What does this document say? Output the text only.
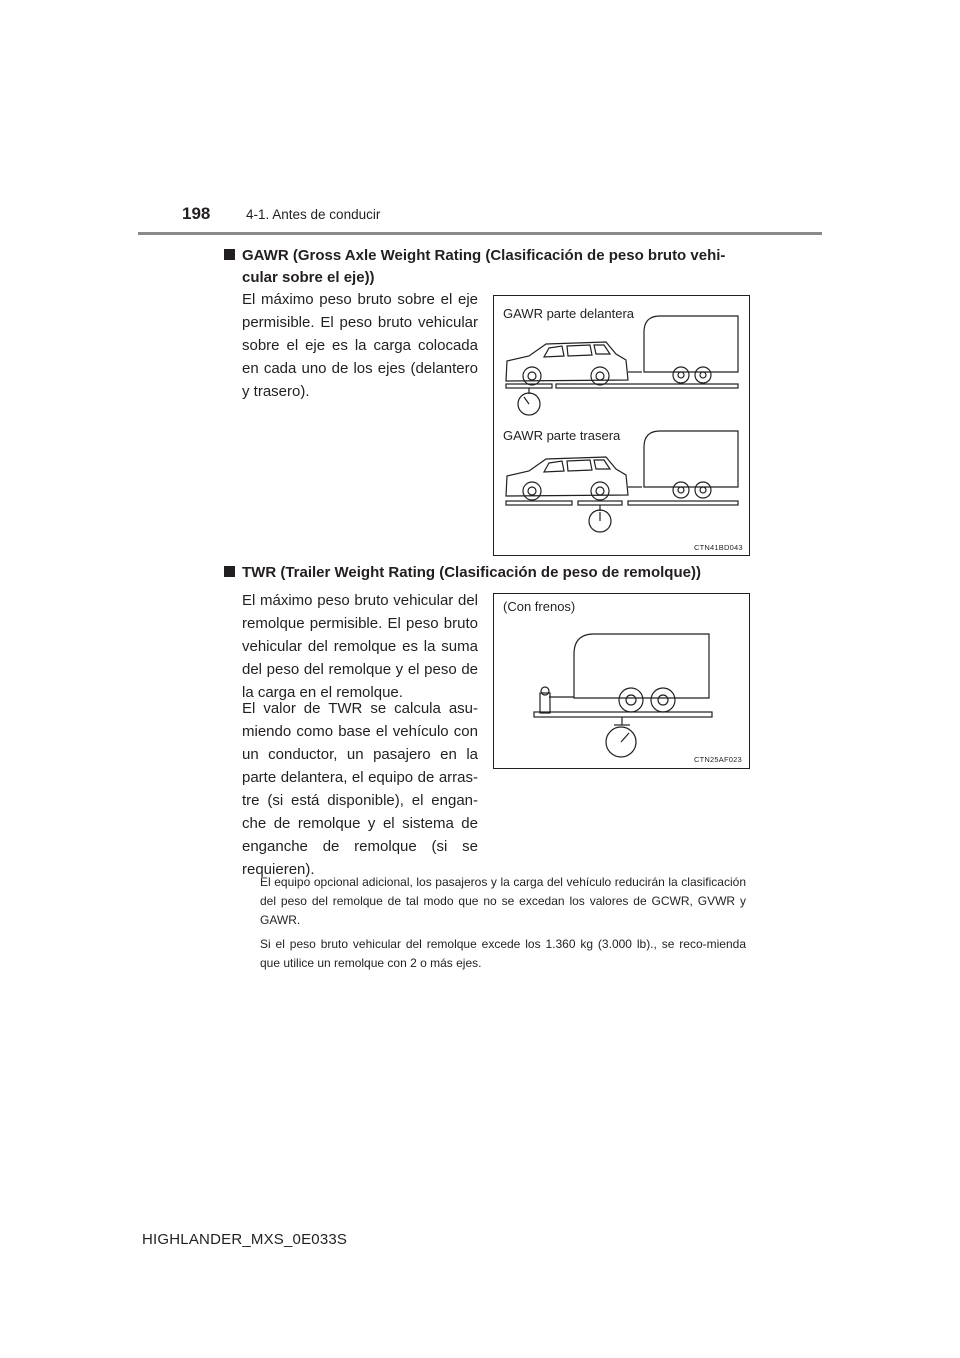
198	4-1. Antes de conducir
GAWR (Gross Axle Weight Rating (Clasificación de peso bruto vehi-
cular sobre el eje))

El máximo peso bruto sobre el eje permisible. El peso bruto vehicular sobre el eje es la carga colocada en cada uno de los ejes (delantero y trasero).

GAWR parte delantera
GAWR parte trasera
CTN41BD043
TWR (Trailer Weight Rating (Clasificación de peso de remolque))

El máximo peso bruto vehicular del remolque permisible. El peso bruto vehicular del remolque es la suma del peso del remolque y el peso de la carga en el remolque.

El valor de TWR se calcula asu-miendo como base el vehículo con un conductor, un pasajero en la parte delantera, el equipo de arras-tre (si está disponible), el engan-che de remolque y el sistema de enganche de remolque (si se requieren).

(Con frenos)
CTN25AF023
El equipo opcional adicional, los pasajeros y la carga del vehículo reducirán la clasificación del peso del remolque de tal modo que no se excedan los valores de GCWR, GVWR y GAWR.
Si el peso bruto vehicular del remolque excede los 1.360 kg (3.000 lb)., se reco-mienda que utilice un remolque con 2 o más ejes.
HIGHLANDER_MXS_0E033S
